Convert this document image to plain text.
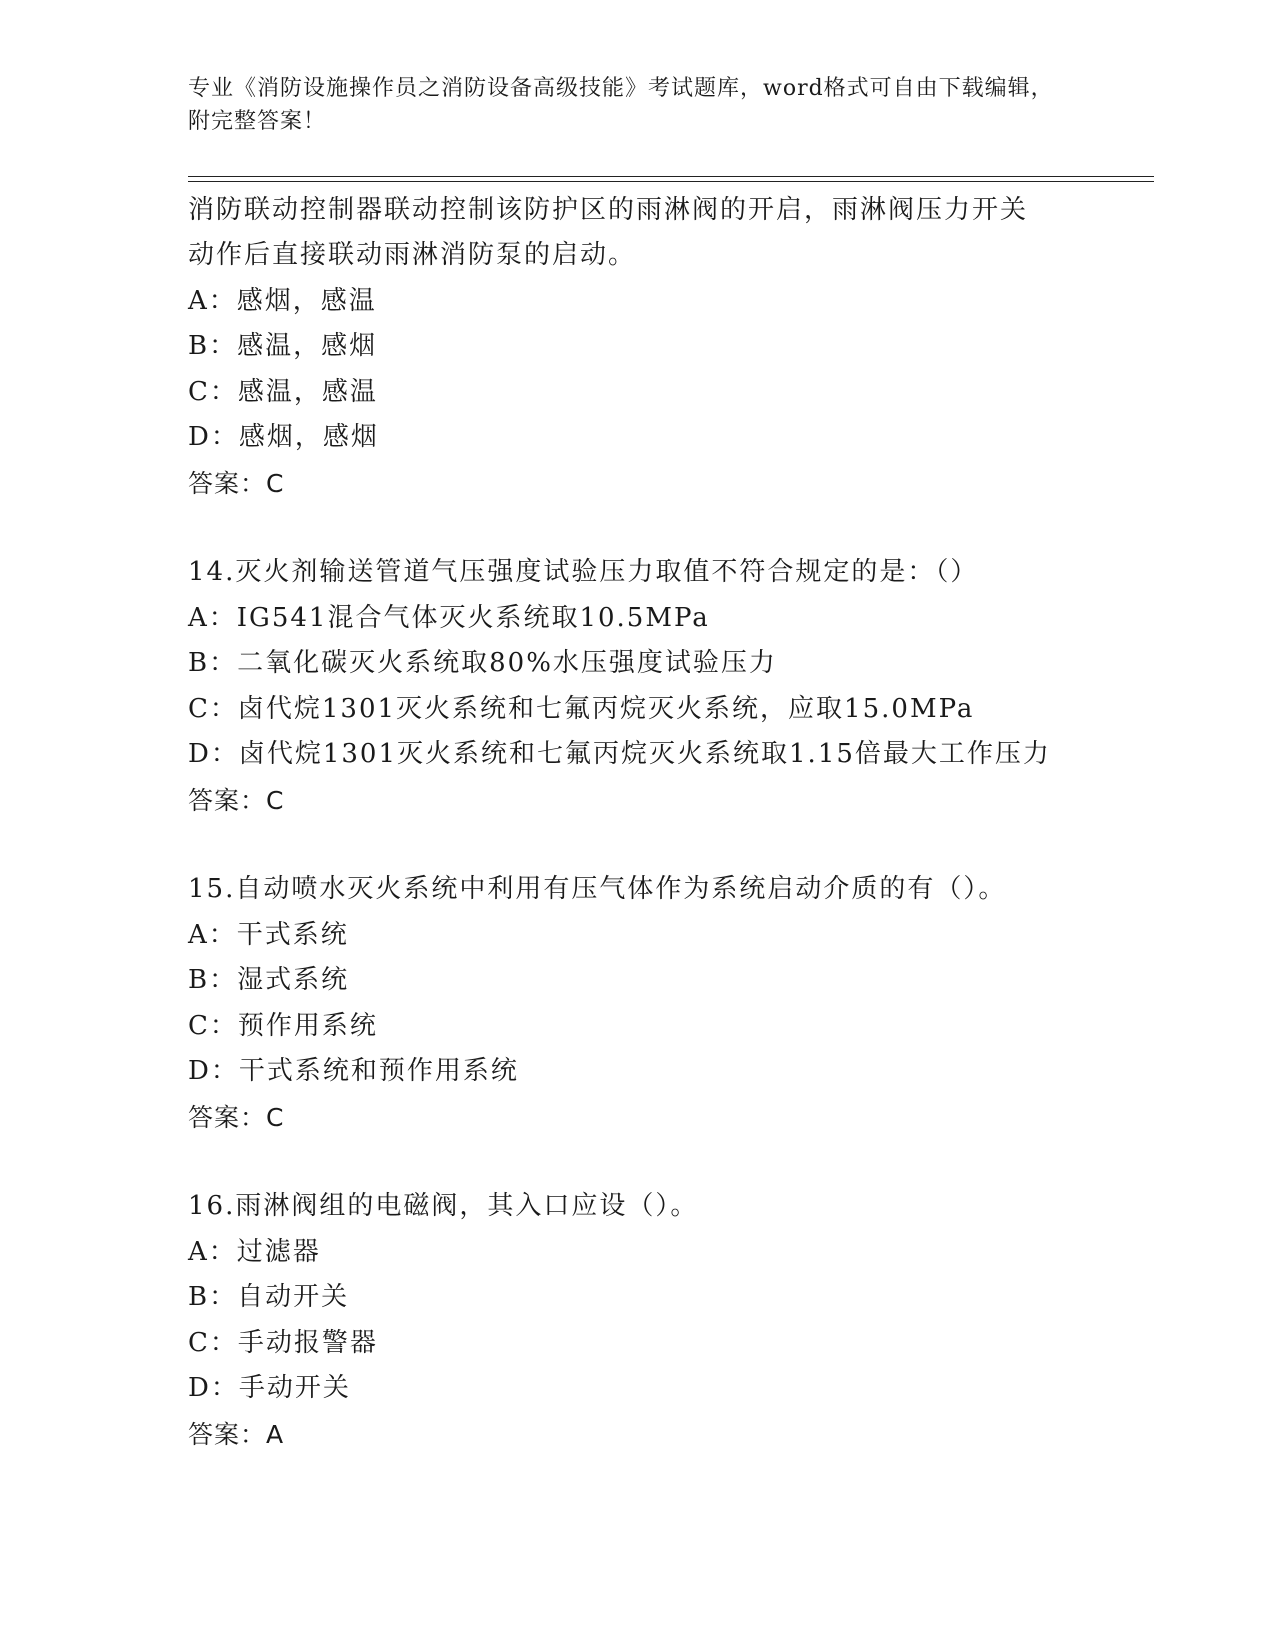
专业《消防设施操作员之消防设备高级技能》考试题库，word格式可自由下载编辑，附完整答案！
消防联动控制器联动控制该防护区的雨淋阀的开启，雨淋阀压力开关
动作后直接联动雨淋消防泵的启动。
A：感烟，感温
B：感温，感烟
C：感温，感温
D：感烟，感烟
答案：C
14.灭火剂输送管道气压强度试验压力取值不符合规定的是：（）
A：IG541混合气体灭火系统取10.5MPa
B：二氧化碳灭火系统取80%水压强度试验压力
C：卤代烷1301灭火系统和七氟丙烷灭火系统，应取15.0MPa
D：卤代烷1301灭火系统和七氟丙烷灭火系统取1.15倍最大工作压力
答案：C
15.自动喷水灭火系统中利用有压气体作为系统启动介质的有（）。
A：干式系统
B：湿式系统
C：预作用系统
D：干式系统和预作用系统
答案：C
16.雨淋阀组的电磁阀，其入口应设（）。
A：过滤器
B：自动开关
C：手动报警器
D：手动开关
答案：A
